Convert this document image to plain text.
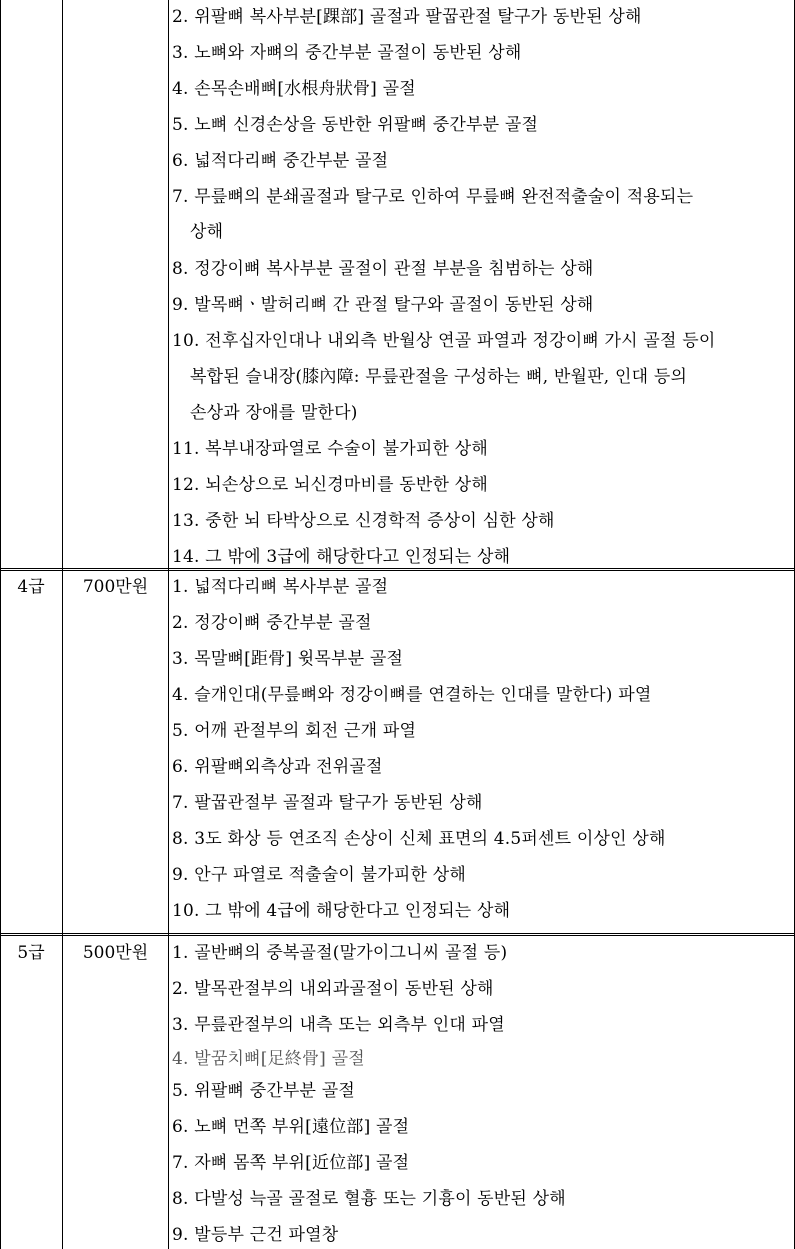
2. 위팔뼈 복사부분[踝部] 골절과 팔꿉관절 탈구가 동반된 상해
3. 노뼈와 자뼈의 중간부분 골절이 동반된 상해
4. 손목손배뼈[水根舟狀骨] 골절
5. 노뼈 신경손상을 동반한 위팔뼈 중간부분 골절
6. 넓적다리뼈 중간부분 골절
7. 무릎뼈의 분쇄골절과 탈구로 인하여 무릎뼈 완전적출술이 적용되는
상해
8. 정강이뼈 복사부분 골절이 관절 부분을 침범하는 상해
9. 발목뼈ㆍ발허리뼈 간 관절 탈구와 골절이 동반된 상해
10. 전후십자인대나 내외측 반월상 연골 파열과 정강이뼈 가시 골절 등이
복합된 슬내장(膝內障: 무릎관절을 구성하는 뼈, 반월판, 인대 등의
손상과 장애를 말한다)
11. 복부내장파열로 수술이 불가피한 상해
12. 뇌손상으로 뇌신경마비를 동반한 상해
13. 중한 뇌 타박상으로 신경학적 증상이 심한 상해
14. 그 밖에 3급에 해당한다고 인정되는 상해
4급	700만원	1. 넓적다리뼈 복사부분 골절
2. 정강이뼈 중간부분 골절
3. 목말뼈[距骨] 윗목부분 골절
4. 슬개인대(무릎뼈와 정강이뼈를 연결하는 인대를 말한다) 파열
5. 어깨 관절부의 회전 근개 파열
6. 위팔뼈외측상과 전위골절
7. 팔꿉관절부 골절과 탈구가 동반된 상해
8. 3도 화상 등 연조직 손상이 신체 표면의 4.5퍼센트 이상인 상해
9. 안구 파열로 적출술이 불가피한 상해
10. 그 밖에 4급에 해당한다고 인정되는 상해
5급	500만원	1. 골반뼈의 중복골절(말가이그니씨 골절 등)
2. 발목관절부의 내외과골절이 동반된 상해
3. 무릎관절부의 내측 또는 외측부 인대 파열
4. 발꿈치뼈[足終骨] 골절
5. 위팔뼈 중간부분 골절
6. 노뼈 먼쪽 부위[遠位部] 골절
7. 자뼈 몸쪽 부위[近位部] 골절
8. 다발성 늑골 골절로 혈흉 또는 기흉이 동반된 상해
9. 발등부 근건 파열창
